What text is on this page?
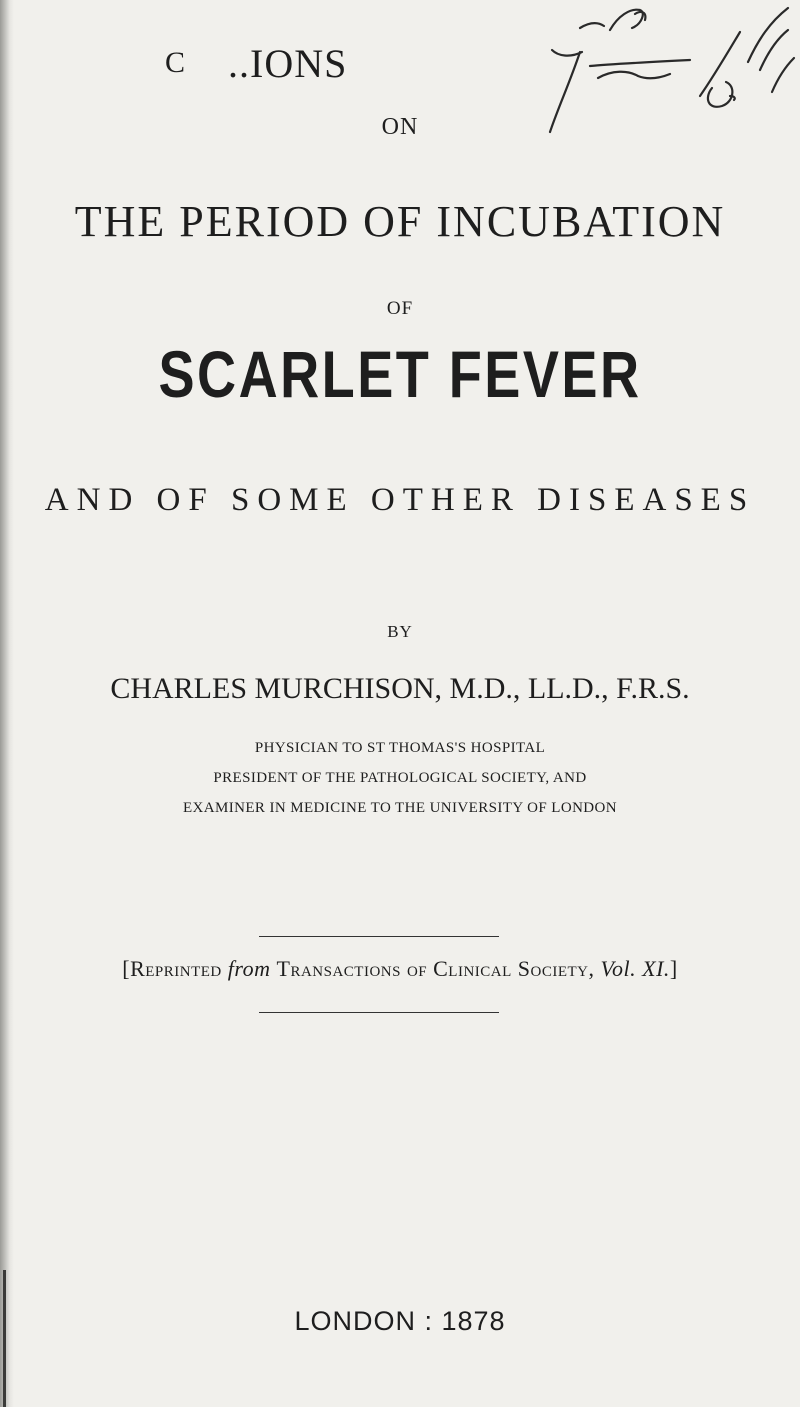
C ..IONS
ON
THE PERIOD OF INCUBATION
OF
SCARLET FEVER
AND OF SOME OTHER DISEASES
BY
CHARLES MURCHISON, M.D., LL.D., F.R.S.
PHYSICIAN TO ST THOMAS'S HOSPITAL
PRESIDENT OF THE PATHOLOGICAL SOCIETY, AND
EXAMINER IN MEDICINE TO THE UNIVERSITY OF LONDON
[Reprinted from Transactions of Clinical Society, Vol. XI.]
LONDON : 1878
